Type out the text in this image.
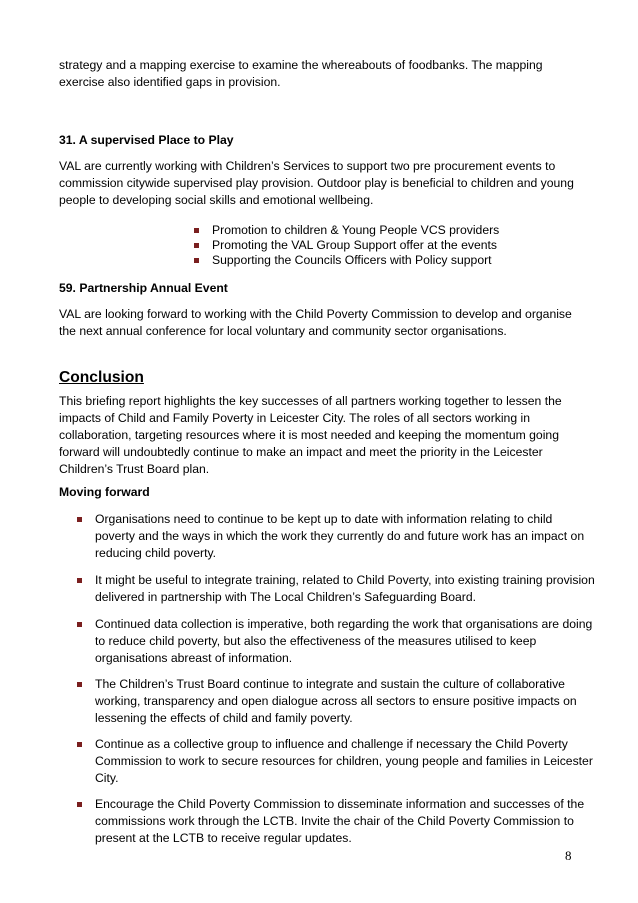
strategy and a mapping exercise to examine the whereabouts of foodbanks. The mapping exercise also identified gaps in provision.

31. A supervised Place to Play

VAL are currently working with Children’s Services to support two pre procurement events to commission citywide supervised play provision. Outdoor play is beneficial to children and young people to developing social skills and emotional wellbeing.

Promotion to children & Young People VCS providers
Promoting the VAL Group Support offer at the events
Supporting the Councils Officers with Policy support

59. Partnership Annual Event

VAL are looking forward to working with the Child Poverty Commission to develop and organise the next annual conference for local voluntary and community sector organisations.

Conclusion

This briefing report highlights the key successes of all partners working together to lessen the impacts of Child and Family Poverty in Leicester City. The roles of all sectors working in collaboration, targeting resources where it is most needed and keeping the momentum going forward will undoubtedly continue to make an impact and meet the priority in the Leicester Children’s Trust Board plan.

Moving forward

Organisations need to continue to be kept up to date with information relating to child poverty and the ways in which the work they currently do and future work has an impact on reducing child poverty.
It might be useful to integrate training, related to Child Poverty, into existing training provision delivered in partnership with The Local Children’s Safeguarding Board.
Continued data collection is imperative, both regarding the work that organisations are doing to reduce child poverty, but also the effectiveness of the measures utilised to keep organisations abreast of information.
The Children’s Trust Board continue to integrate and sustain the culture of collaborative working, transparency and open dialogue across all sectors to ensure positive impacts on lessening the effects of child and family poverty.
Continue as a collective group to influence and challenge if necessary the Child Poverty Commission to work to secure resources for children, young people and families in Leicester City.
Encourage the Child Poverty Commission to disseminate information and successes of the commissions work through the LCTB. Invite the chair of the Child Poverty Commission to present at the LCTB to receive regular updates.
8
